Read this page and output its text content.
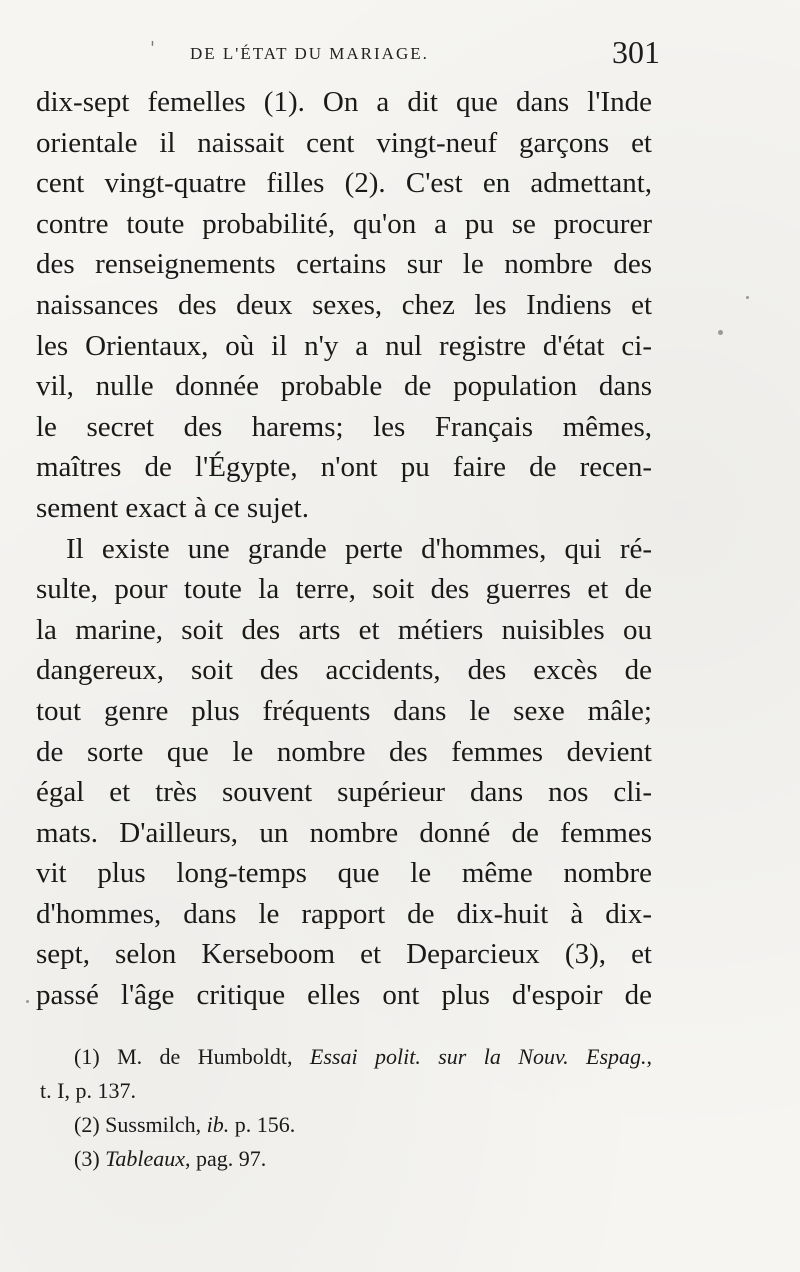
' DE L'ÉTAT DU MARIAGE.	301
dix-sept femelles (1). On a dit que dans l'Inde
orientale il naissait cent vingt-neuf garçons et
cent vingt-quatre filles (2). C'est en admettant,
contre toute probabilité, qu'on a pu se procurer
des renseignements certains sur le nombre des
naissances des deux sexes, chez les Indiens et
les Orientaux, où il n'y a nul registre d'état ci-
vil, nulle donnée probable de population dans
le secret des harems; les Français mêmes,
maîtres de l'Égypte, n'ont pu faire de recen-
sement exact à ce sujet.
Il existe une grande perte d'hommes, qui ré-
sulte, pour toute la terre, soit des guerres et de
la marine, soit des arts et métiers nuisibles ou
dangereux, soit des accidents, des excès de
tout genre plus fréquents dans le sexe mâle;
de sorte que le nombre des femmes devient
égal et très souvent supérieur dans nos cli-
mats. D'ailleurs, un nombre donné de femmes
vit plus long-temps que le même nombre
d'hommes, dans le rapport de dix-huit à dix-
sept, selon Kerseboom et Deparcieux (3), et
passé l'âge critique elles ont plus d'espoir de
(1) M. de Humboldt, Essai polit. sur la Nouv. Espag.,
t. I, p. 137.
(2) Sussmilch, ib. p. 156.
(3) Tableaux, pag. 97.
